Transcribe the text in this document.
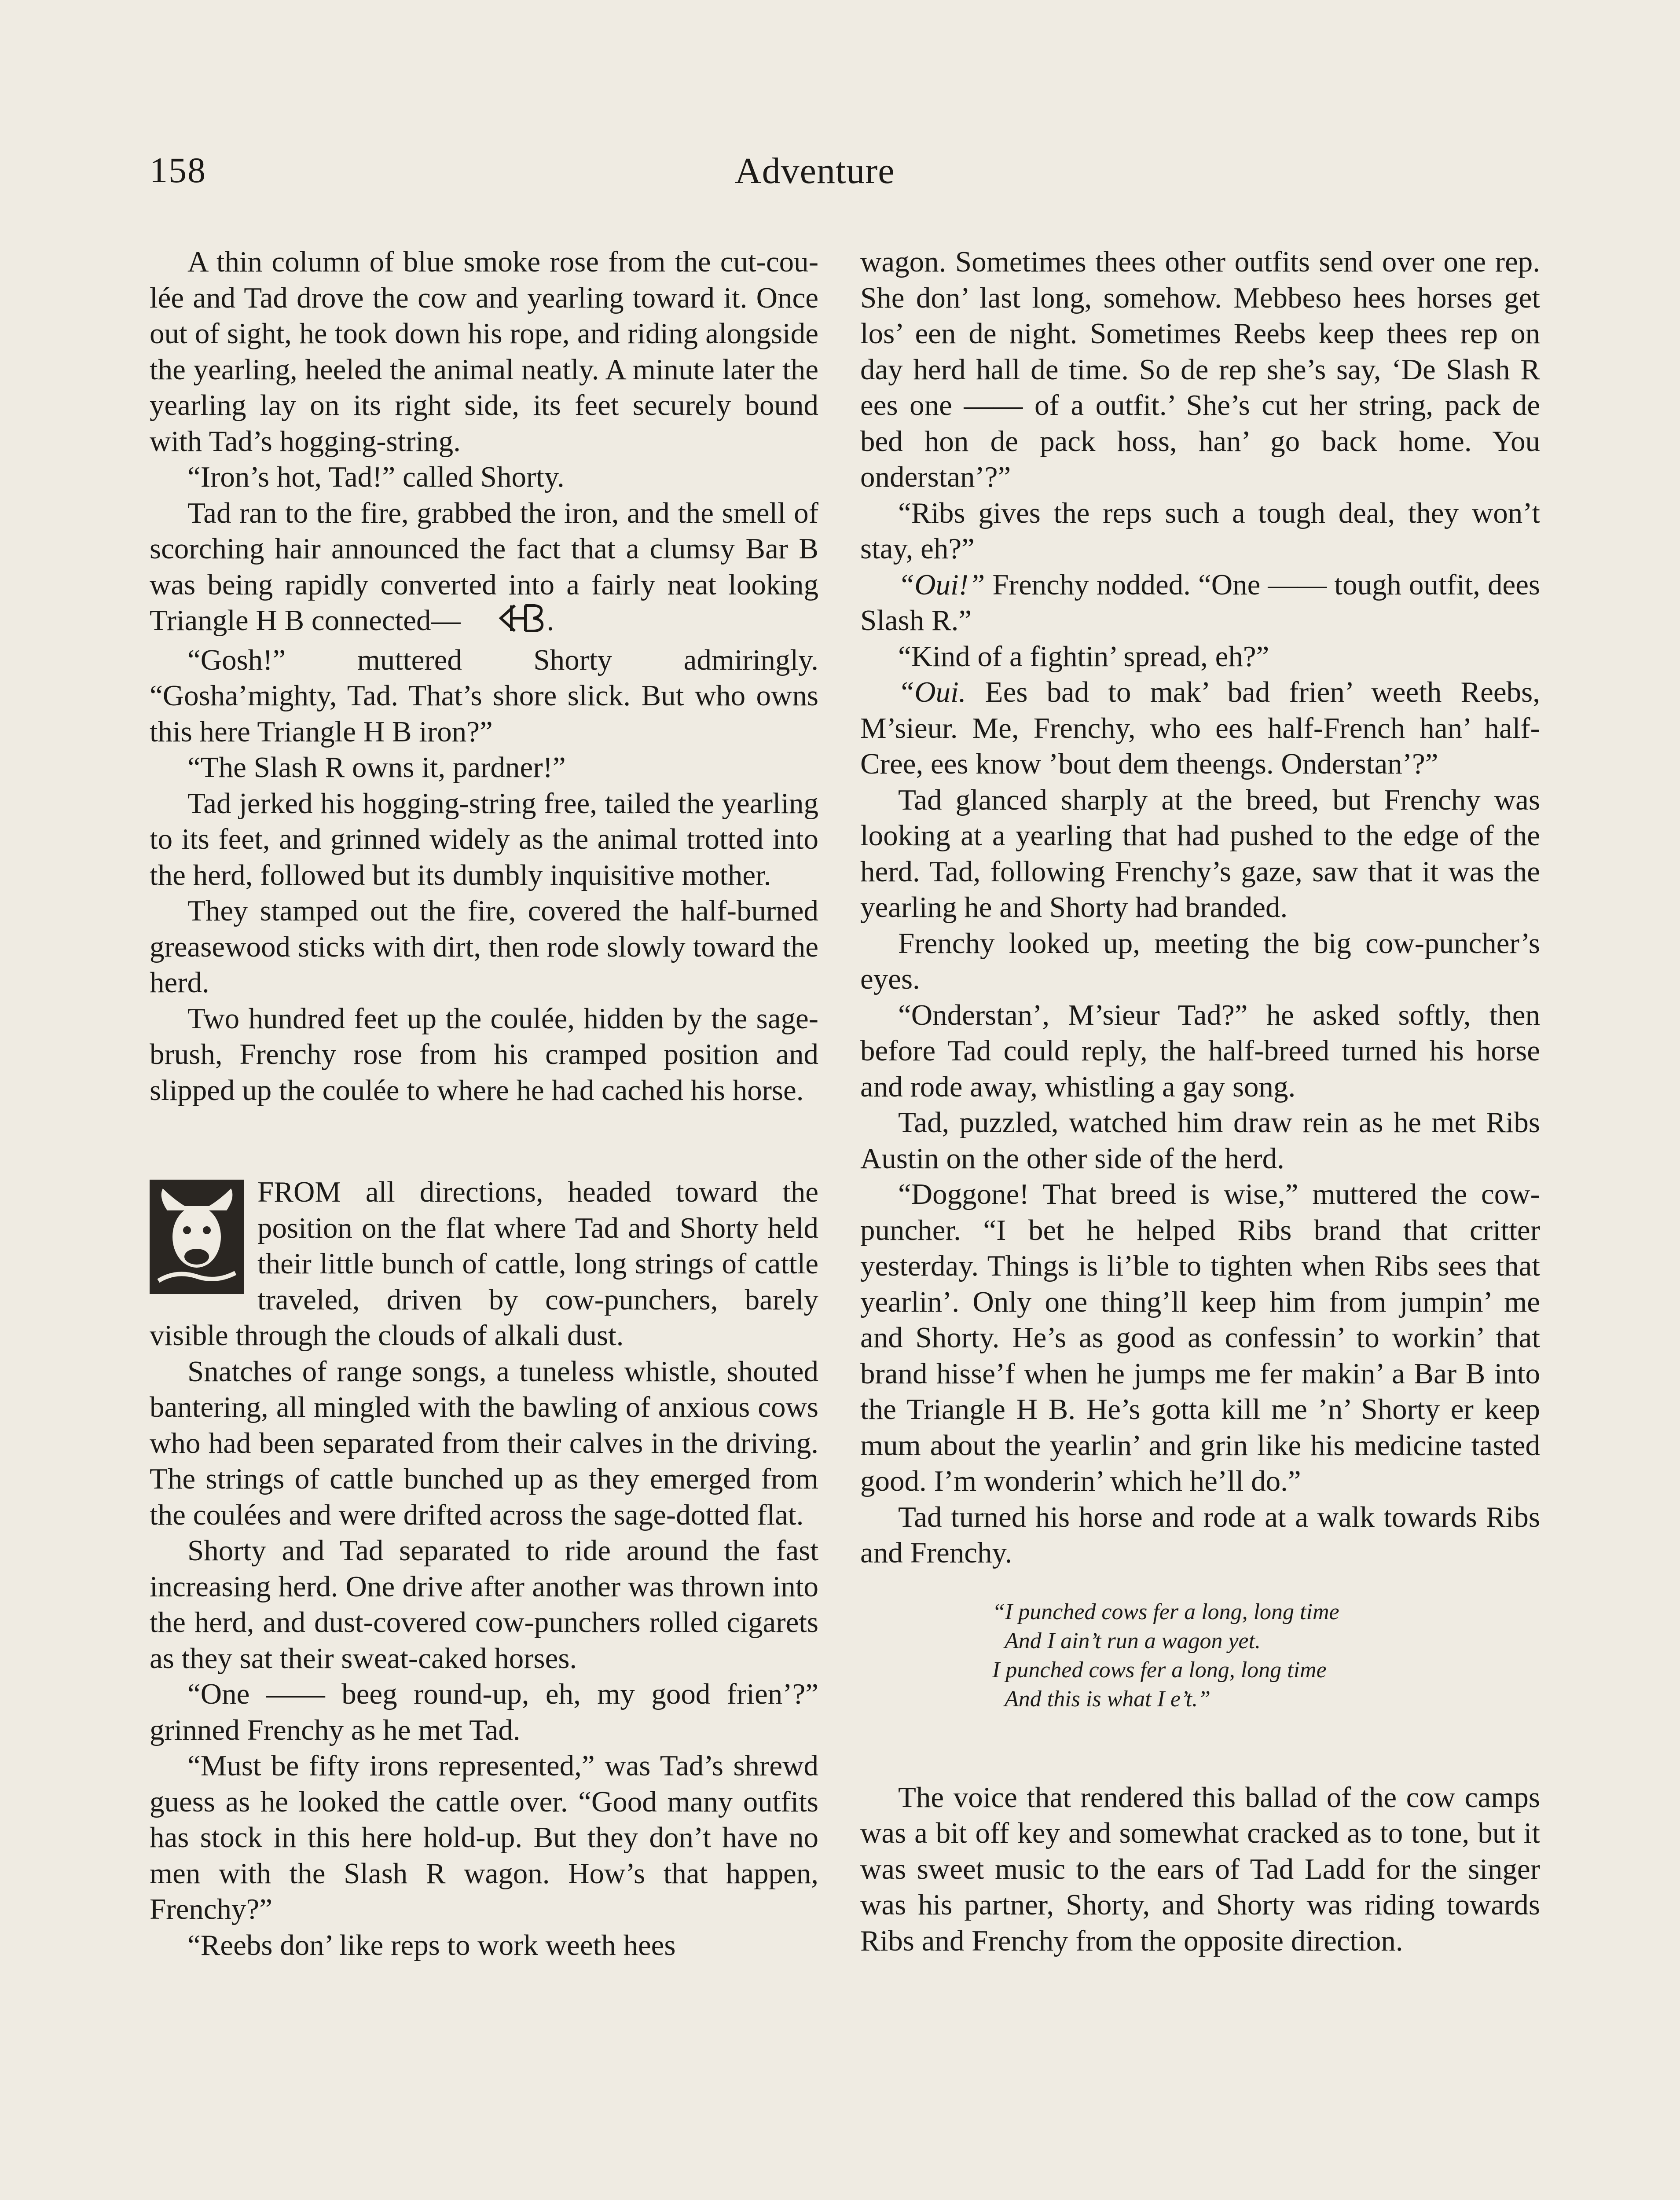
158	Adventure

A thin column of blue smoke rose from the cut-coulée and Tad drove the cow and yearling toward it. Once out of sight, he took down his rope, and riding alongside the yearling, heeled the animal neatly. A minute later the yearling lay on its right side, its feet securely bound with Tad’s hogging-string.

“Iron’s hot, Tad!” called Shorty.

Tad ran to the fire, grabbed the iron, and the smell of scorching hair announced the fact that a clumsy Bar B was being rapidly converted into a fairly neat looking Triangle H B connected—	.

“Gosh!” muttered Shorty admiringly. “Gosha’mighty, Tad. That’s shore slick. But who owns this here Triangle H B iron?”

“The Slash R owns it, pardner!”

Tad jerked his hogging-string free, tailed the yearling to its feet, and grinned widely as the animal trotted into the herd, followed but its dumbly inquisitive mother.

They stamped out the fire, covered the half-burned greasewood sticks with dirt, then rode slowly toward the herd.

Two hundred feet up the coulée, hidden by the sage-brush, Frenchy rose from his cramped position and slipped up the coulée to where he had cached his horse.

FROM all directions, headed toward the position on the flat where Tad and Shorty held their little bunch of cattle, long strings of cattle traveled, driven by cow-punchers, barely visible through the clouds of alkali dust.

Snatches of range songs, a tuneless whistle, shouted bantering, all mingled with the bawling of anxious cows who had been separated from their calves in the driving. The strings of cattle bunched up as they emerged from the coulées and were drifted across the sage-dotted flat.

Shorty and Tad separated to ride around the fast increasing herd. One drive after another was thrown into the herd, and dust-covered cow-punchers rolled cigarets as they sat their sweat-caked horses.

“One —— beeg round-up, eh, my good frien’?” grinned Frenchy as he met Tad.

“Must be fifty irons represented,” was Tad’s shrewd guess as he looked the cattle over. “Good many outfits has stock in this here hold-up. But they don’t have no men with the Slash R wagon. How’s that happen, Frenchy?”

“Reebs don’ like reps to work weeth hees

wagon. Sometimes thees other outfits send over one rep. She don’ last long, somehow. Mebbeso hees horses get los’ een de night. Sometimes Reebs keep thees rep on day herd hall de time. So de rep she’s say, ‘De Slash R ees one —— of a outfit.’ She’s cut her string, pack de bed hon de pack hoss, han’ go back home. You onderstan’?”

“Ribs gives the reps such a tough deal, they won’t stay, eh?”

“Oui!” Frenchy nodded. “One —— tough outfit, dees Slash R.”

“Kind of a fightin’ spread, eh?”

“Oui. Ees bad to mak’ bad frien’ weeth Reebs, M’sieur. Me, Frenchy, who ees half-French han’ half-Cree, ees know ’bout dem theengs. Onderstan’?”

Tad glanced sharply at the breed, but Frenchy was looking at a yearling that had pushed to the edge of the herd. Tad, following Frenchy’s gaze, saw that it was the yearling he and Shorty had branded.

Frenchy looked up, meeting the big cow-puncher’s eyes.

“Onderstan’, M’sieur Tad?” he asked softly, then before Tad could reply, the half-breed turned his horse and rode away, whistling a gay song.

Tad, puzzled, watched him draw rein as he met Ribs Austin on the other side of the herd.

“Doggone! That breed is wise,” muttered the cow-puncher. “I bet he helped Ribs brand that critter yesterday. Things is li’ble to tighten when Ribs sees that yearlin’. Only one thing’ll keep him from jumpin’ me and Shorty. He’s as good as confessin’ to workin’ that brand hisse’f when he jumps me fer makin’ a Bar B into the Triangle H B. He’s gotta kill me ’n’ Shorty er keep mum about the yearlin’ and grin like his medicine tasted good. I’m wonderin’ which he’ll do.”

Tad turned his horse and rode at a walk towards Ribs and Frenchy.

“I punched cows fer a long, long time
And I ain’t run a wagon yet.
I punched cows fer a long, long time
And this is what I e’t.”

The voice that rendered this ballad of the cow camps was a bit off key and somewhat cracked as to tone, but it was sweet music to the ears of Tad Ladd for the singer was his partner, Shorty, and Shorty was riding towards Ribs and Frenchy from the opposite direction.
